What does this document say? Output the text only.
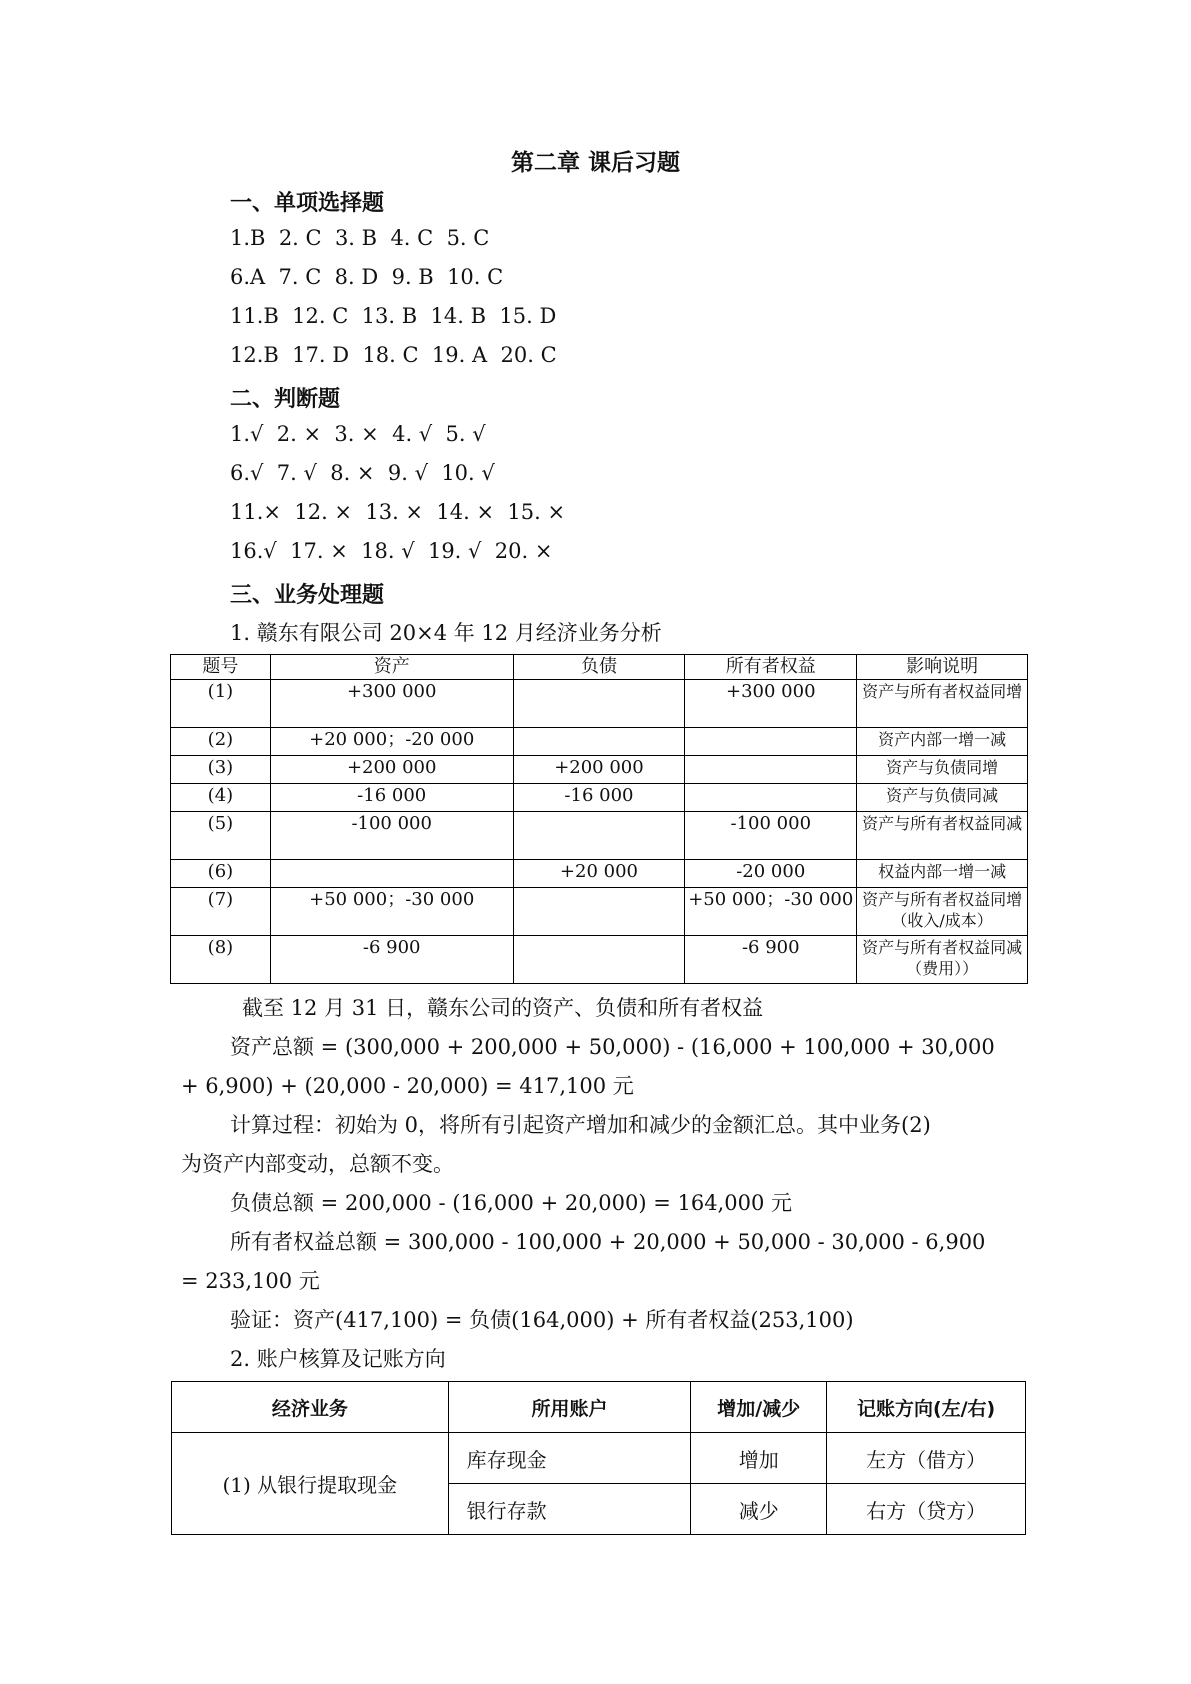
第二章 课后习题
一、单项选择题
1.B  2. C  3. B  4. C  5. C
6.A  7. C  8. D  9. B  10. C
11.B  12. C  13. B  14. B  15. D
12.B  17. D  18. C  19. A  20. C
二、判断题
1.√  2. ×  3. ×  4. √  5. √
6.√  7. √  8. ×  9. √  10. √
11.×  12. ×  13. ×  14. ×  15. ×
16.√  17. ×  18. √  19. √  20. ×
三、业务处理题
1. 赣东有限公司 20×4 年 12 月经济业务分析
题号	资产	负债	所有者权益	影响说明
(1)	+300 000		+300 000	资产与所有者权益同增
(2)	+20 000；-20 000			资产内部一增一减
(3)	+200 000	+200 000		资产与负债同增
(4)	-16 000	-16 000		资产与负债同减
(5)	-100 000		-100 000	资产与所有者权益同减
(6)		+20 000	-20 000	权益内部一增一减
(7)	+50 000；-30 000		+50 000；-30 000	资产与所有者权益同增（收入/成本）
(8)	-6 900		-6 900	资产与所有者权益同减（费用））
截至 12 月 31 日，赣东公司的资产、负债和所有者权益
资产总额 = (300,000 + 200,000 + 50,000) - (16,000 + 100,000 + 30,000
+ 6,900) + (20,000 - 20,000) = 417,100 元
计算过程：初始为 0，将所有引起资产增加和减少的金额汇总。其中业务(2)
为资产内部变动，总额不变。
负债总额 = 200,000 - (16,000 + 20,000) = 164,000 元
所有者权益总额 = 300,000 - 100,000 + 20,000 + 50,000 - 30,000 - 6,900
= 233,100 元
验证：资产(417,100) = 负债(164,000) + 所有者权益(253,100)
2. 账户核算及记账方向
经济业务	所用账户	增加/减少	记账方向(左/右)
(1) 从银行提取现金	库存现金	增加	左方（借方）
	银行存款	减少	右方（贷方）
